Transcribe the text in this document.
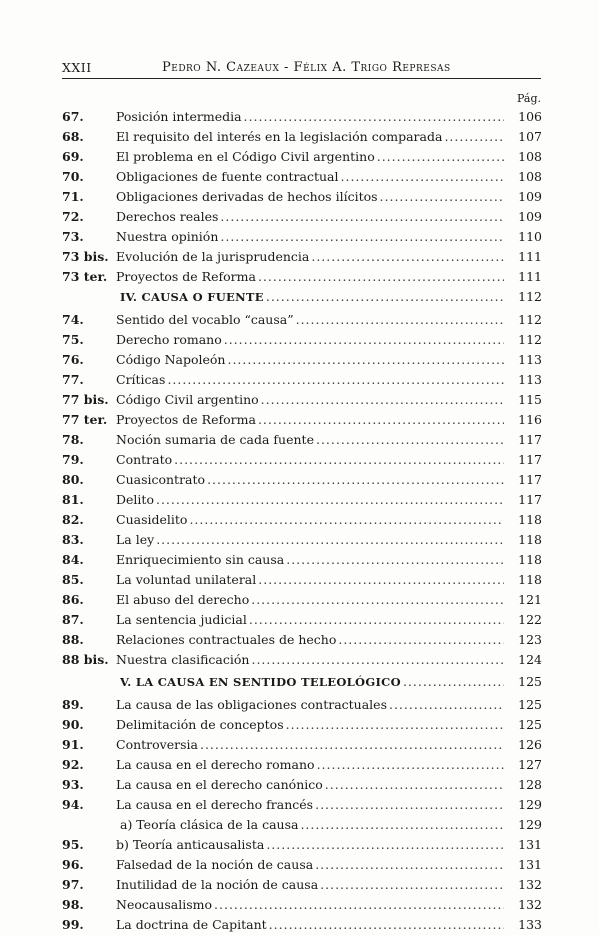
XXII	Pedro N. Cazeaux - Félix A. Trigo Represas
Pág.
67.	Posición intermedia .....	106
68.	El requisito del interés en la legislación comparada .....	107
69.	El problema en el Código Civil argentino .....	108
70.	Obligaciones de fuente contractual .....	108
71.	Obligaciones derivadas de hechos ilícitos .....	109
72.	Derechos reales .....	109
73.	Nuestra opinión .....	110
73 bis. Evolución de la jurisprudencia .....	111
73 ter. Proyectos de Reforma .....	111
IV. CAUSA O FUENTE .....	112
74.	Sentido del vocablo “causa” .....	112
75.	Derecho romano .....	112
76.	Código Napoleón .....	113
77.	Críticas .....	113
77 bis. Código Civil argentino .....	115
77 ter. Proyectos de Reforma .....	116
78.	Noción sumaria de cada fuente .....	117
79.	Contrato .....	117
80.	Cuasicontrato .....	117
81.	Delito .....	117
82.	Cuasidelito .....	118
83.	La ley .....	118
84.	Enriquecimiento sin causa .....	118
85.	La voluntad unilateral .....	118
86.	El abuso del derecho .....	121
87.	La sentencia judicial .....	122
88.	Relaciones contractuales de hecho .....	123
88 bis. Nuestra clasificación .....	124
V. LA CAUSA EN SENTIDO TELEOLÓGICO .....	125
89.	La causa de las obligaciones contractuales .....	125
90.	Delimitación de conceptos .....	125
91.	Controversia .....	126
92.	La causa en el derecho romano .....	127
93.	La causa en el derecho canónico .....	128
94.	La causa en el derecho francés .....	129
a) Teoría clásica de la causa .....	129
95.	b) Teoría anticausalista .....	131
96.	Falsedad de la noción de causa .....	131
97.	Inutilidad de la noción de causa .....	132
98.	Neocausalismo .....	132
99.	La doctrina de Capitant .....	133
